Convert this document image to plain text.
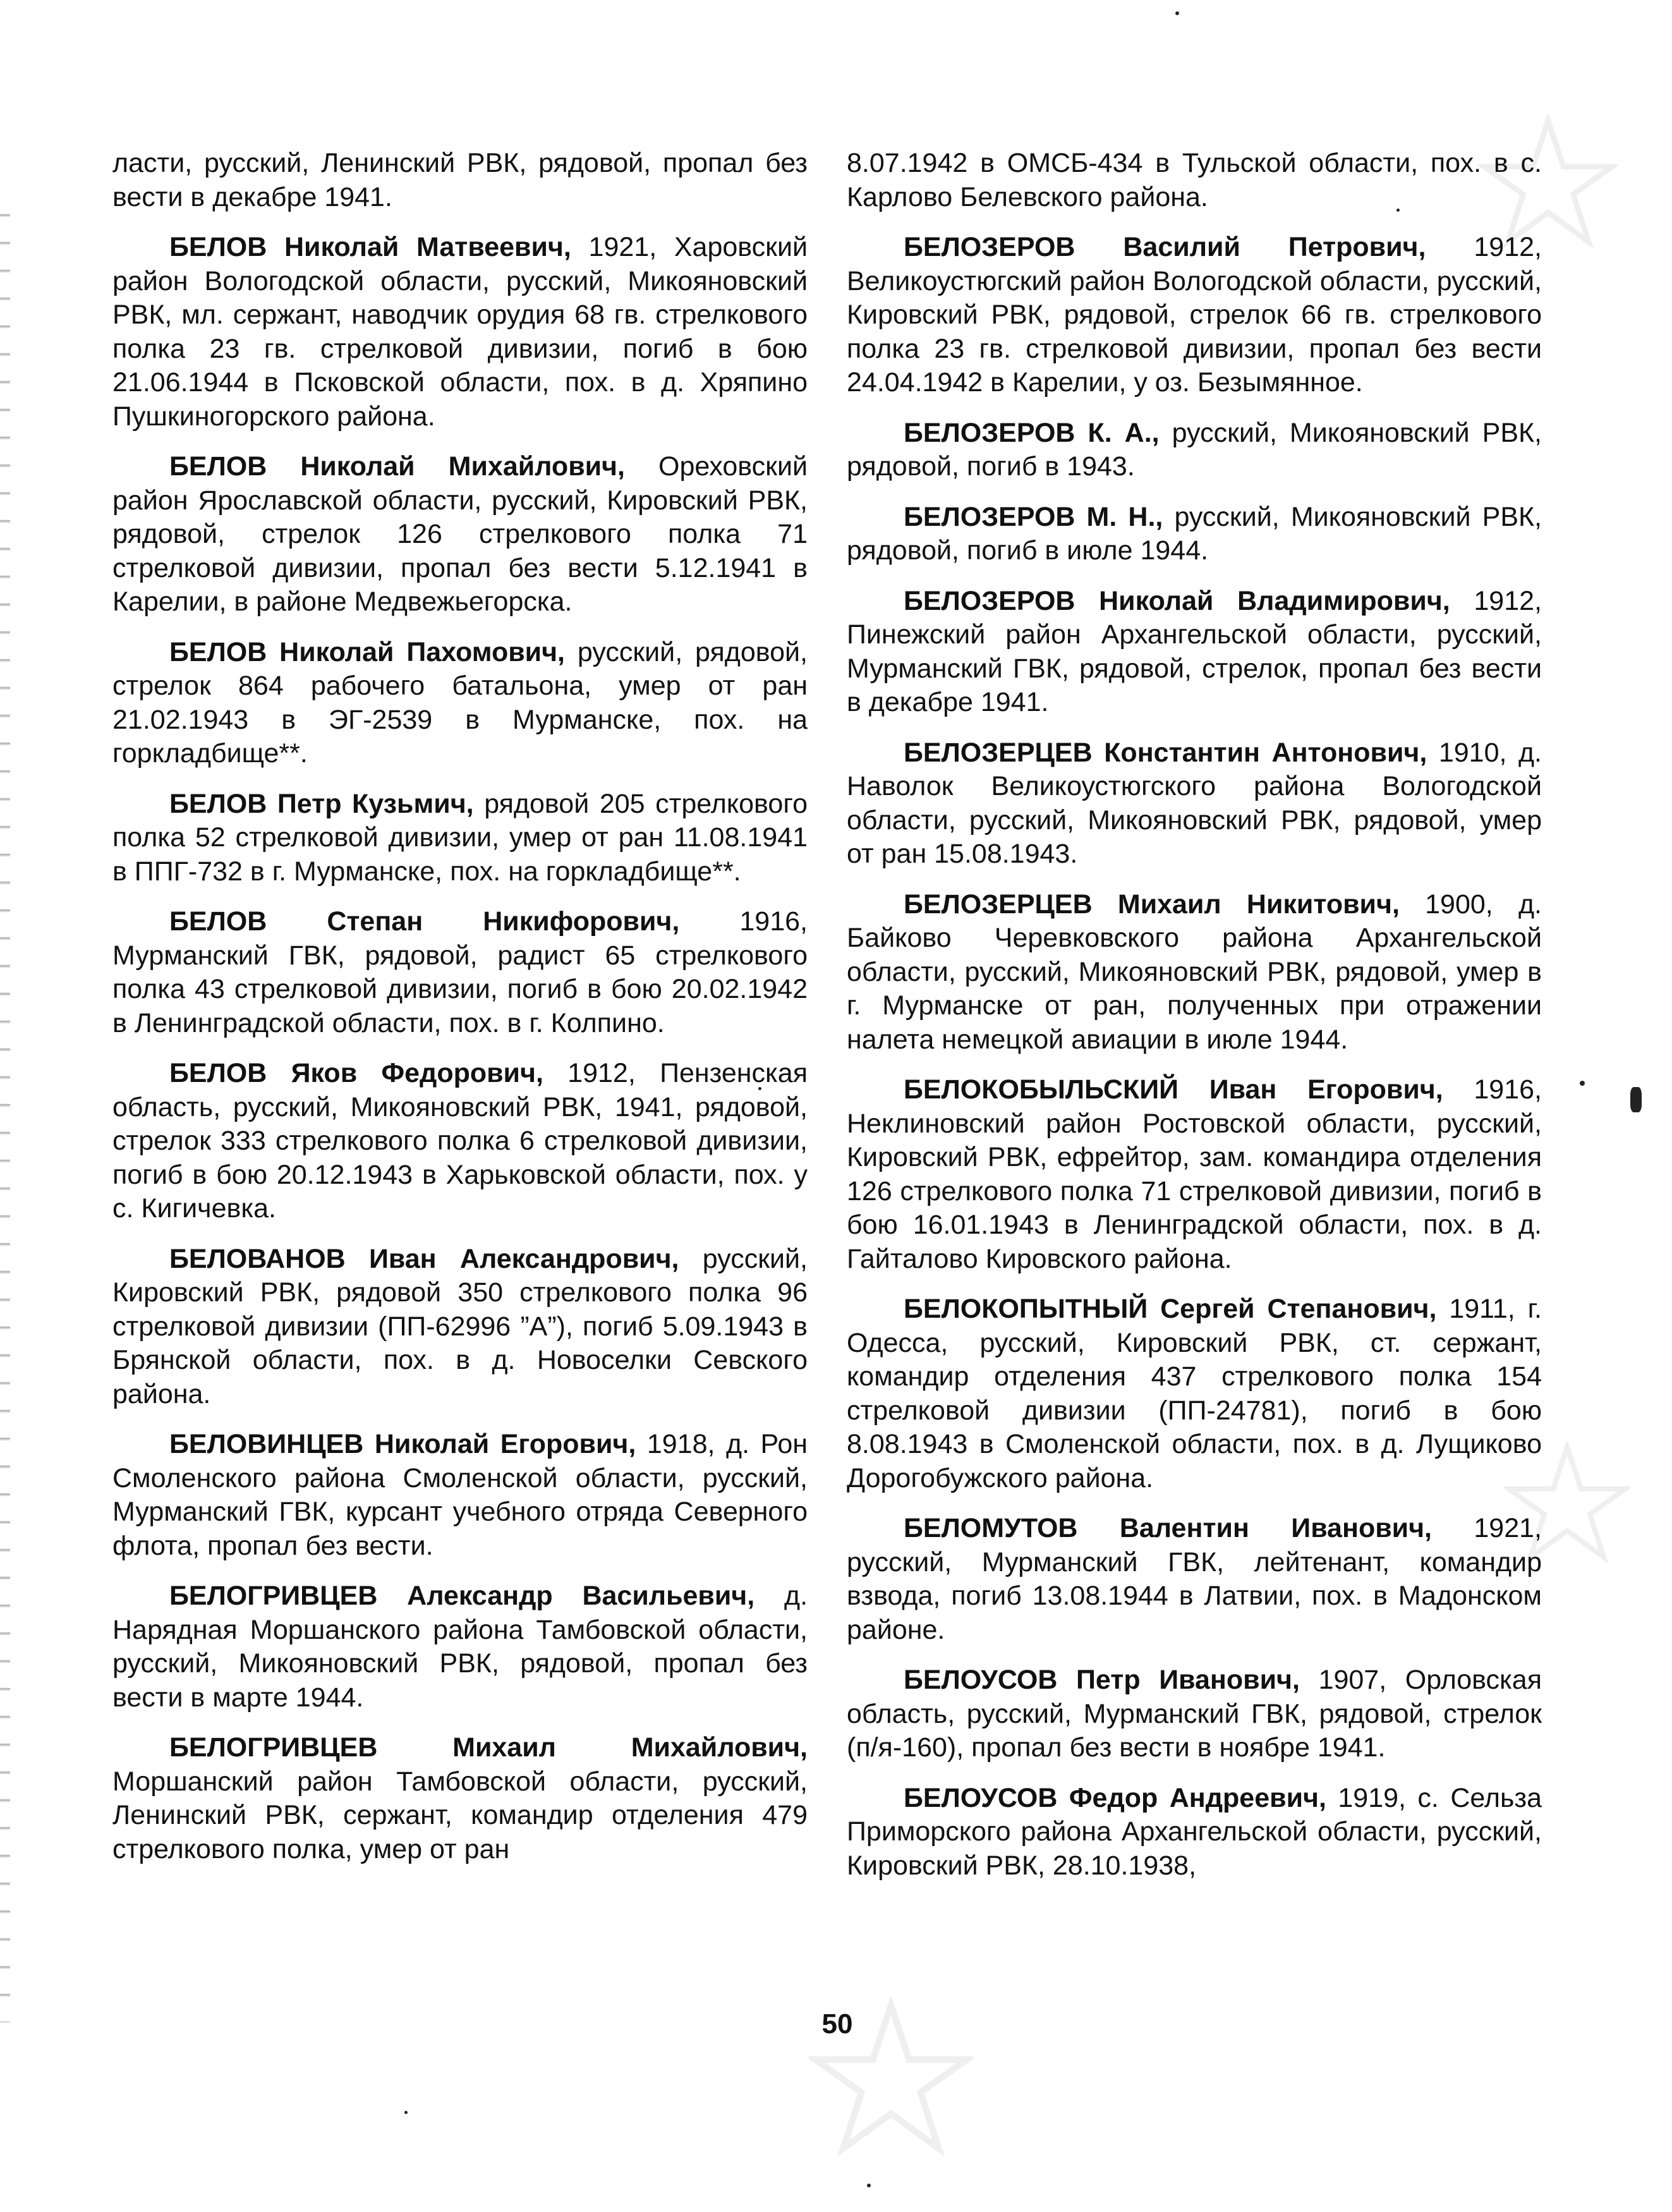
ласти, русский, Ленинский РВК, рядовой, пропал без вести в декабре 1941.

БЕЛОВ Николай Матвеевич, 1921, Харовский район Вологодской области, русский, Микояновский РВК, мл. сержант, наводчик орудия 68 гв. стрелкового полка 23 гв. стрелковой дивизии, погиб в бою 21.06.1944 в Псковской области, пох. в д. Хряпино Пушкиногорского района.

БЕЛОВ Николай Михайлович, Ореховский район Ярославской области, русский, Кировский РВК, рядовой, стрелок 126 стрелкового полка 71 стрелковой дивизии, пропал без вести 5.12.1941 в Карелии, в районе Медвежьегорска.

БЕЛОВ Николай Пахомович, русский, рядовой, стрелок 864 рабочего батальона, умер от ран 21.02.1943 в ЭГ-2539 в Мурманске, пох. на горкладбище**.

БЕЛОВ Петр Кузьмич, рядовой 205 стрелкового полка 52 стрелковой дивизии, умер от ран 11.08.1941 в ППГ-732 в г. Мурманске, пох. на горкладбище**.

БЕЛОВ Степан Никифорович, 1916, Мурманский ГВК, рядовой, радист 65 стрелкового полка 43 стрелковой дивизии, погиб в бою 20.02.1942 в Ленинградской области, пох. в г. Колпино.

БЕЛОВ Яков Федорович, 1912, Пензенская область, русский, Микояновский РВК, 1941, рядовой, стрелок 333 стрелкового полка 6 стрелковой дивизии, погиб в бою 20.12.1943 в Харьковской области, пох. у с. Кигичевка.

БЕЛОВАНОВ Иван Александрович, русский, Кировский РВК, рядовой 350 стрелкового полка 96 стрелковой дивизии (ПП-62996 ”А”), погиб 5.09.1943 в Брянской области, пох. в д. Новоселки Севского района.

БЕЛОВИНЦЕВ Николай Егорович, 1918, д. Рон Смоленского района Смоленской области, русский, Мурманский ГВК, курсант учебного отряда Северного флота, пропал без вести.

БЕЛОГРИВЦЕВ Александр Васильевич, д. Нарядная Моршанского района Тамбовской области, русский, Микояновский РВК, рядовой, пропал без вести в марте 1944.

БЕЛОГРИВЦЕВ	Михаил Михайлович, Моршанский район Тамбовской области, русский, Ленинский РВК, сержант, командир отделения 479 стрелкового полка, умер от ран

8.07.1942 в ОМСБ-434 в Тульской области, пох. в с. Карлово Белевского района.

БЕЛОЗЕРОВ Василий Петрович, 1912, Великоустюгский район Вологодской области, русский, Кировский РВК, рядовой, стрелок 66 гв. стрелкового полка 23 гв. стрелковой дивизии, пропал без вести 24.04.1942 в Карелии, у оз. Безымянное.

БЕЛОЗЕРОВ К. А., русский, Микояновский РВК, рядовой, погиб в 1943.

БЕЛОЗЕРОВ М. Н., русский, Микояновский РВК, рядовой, погиб в июле 1944.

БЕЛОЗЕРОВ Николай Владимирович, 1912, Пинежский район Архангельской области, русский, Мурманский ГВК, рядовой, стрелок, пропал без вести в декабре 1941.

БЕЛОЗЕРЦЕВ Константин Антонович, 1910, д. Наволок Великоустюгского района Вологодской области, русский, Микояновский РВК, рядовой, умер от ран 15.08.1943.

БЕЛОЗЕРЦЕВ Михаил Никитович, 1900, д. Байково Черевковского района Архангельской области, русский, Микояновский РВК, рядовой, умер в г. Мурманске от ран, полученных при отражении налета немецкой авиации в июле 1944.

БЕЛОКОБЫЛЬСКИЙ Иван Егорович, 1916, Неклиновский район Ростовской области, русский, Кировский РВК, ефрейтор, зам. командира отделения 126 стрелкового полка 71 стрелковой дивизии, погиб в бою 16.01.1943 в Ленинградской области, пох. в д. Гайталово Кировского района.

БЕЛОКОПЫТНЫЙ Сергей Степанович, 1911, г. Одесса, русский, Кировский РВК, ст. сержант, командир отделения 437 стрелкового полка 154 стрелковой дивизии (ПП-24781), погиб в бою 8.08.1943 в Смоленской области, пох. в д. Лущиково Дорогобужского района.

БЕЛОМУТОВ Валентин Иванович, 1921, русский, Мурманский ГВК, лейтенант, командир взвода, погиб 13.08.1944 в Латвии, пох. в Мадонском районе.

БЕЛОУСОВ Петр Иванович, 1907, Орловская область, русский, Мурманский ГВК, рядовой, стрелок (п/я-160), пропал без вести в ноябре 1941.

БЕЛОУСОВ Федор Андреевич, 1919, с. Сельза Приморского района Архангельской области, русский, Кировский РВК, 28.10.1938,

50
